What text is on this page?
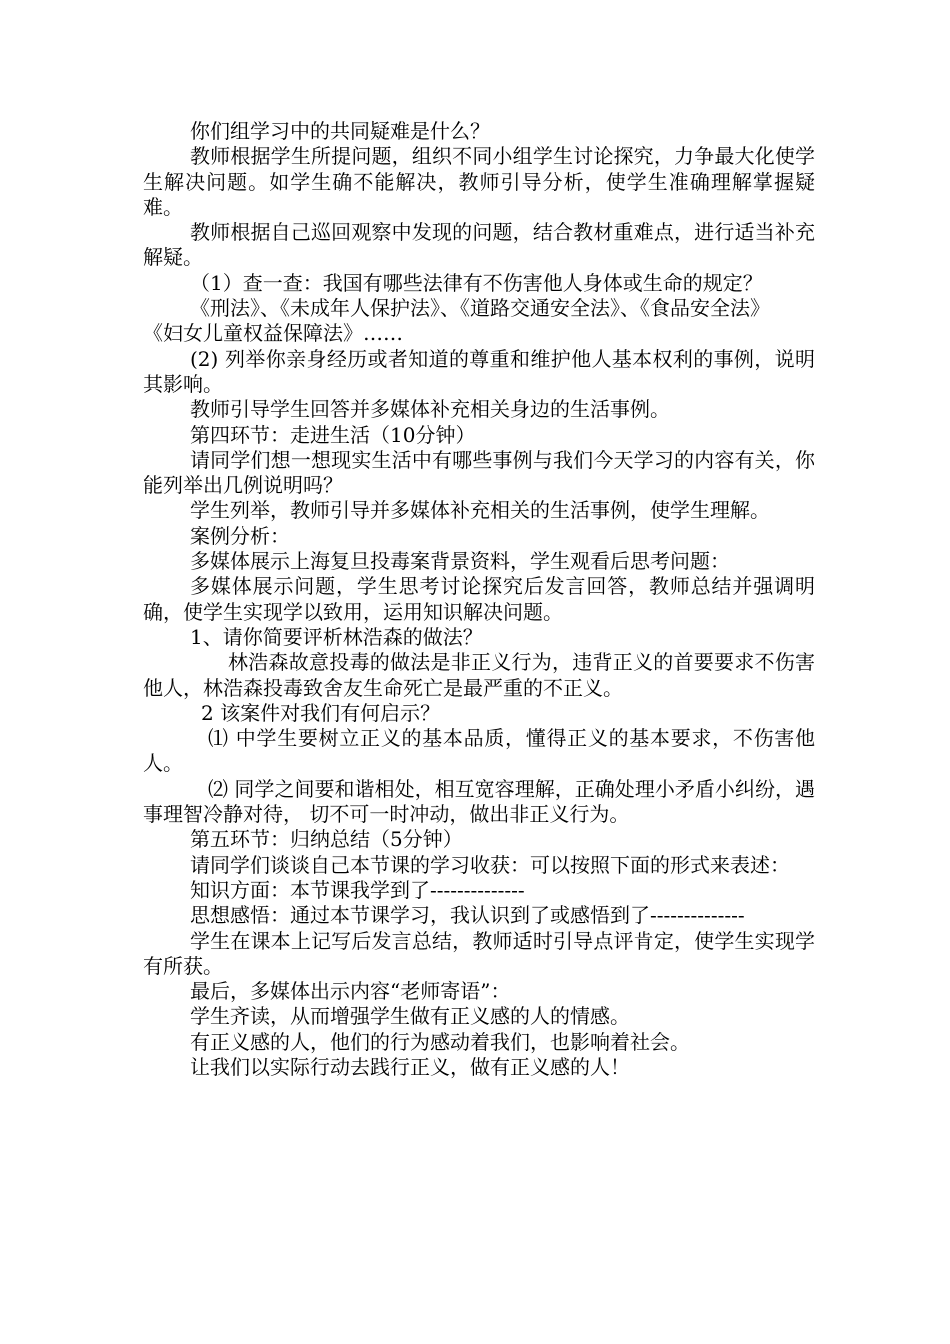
你们组学习中的共同疑难是什么？

教师根据学生所提问题，组织不同小组学生讨论探究，力争最大化使学生解决问题。如学生确不能解决，教师引导分析，使学生准确理解掌握疑难。

教师根据自己巡回观察中发现的问题，结合教材重难点，进行适当补充解疑。

（1）查一查：我国有哪些法律有不伤害他人身体或生命的规定？

《刑法》、《未成年人保护法》、《道路交通安全法》、《食品安全法》

《妇女儿童权益保障法》……

(2) 列举你亲身经历或者知道的尊重和维护他人基本权利的事例，说明其影响。

教师引导学生回答并多媒体补充相关身边的生活事例。

第四环节：走进生活（10分钟）

请同学们想一想现实生活中有哪些事例与我们今天学习的内容有关，你能列举出几例说明吗？

学生列举，教师引导并多媒体补充相关的生活事例，使学生理解。

案例分析：

多媒体展示上海复旦投毒案背景资料，学生观看后思考问题：

多媒体展示问题，学生思考讨论探究后发言回答，教师总结并强调明确，使学生实现学以致用，运用知识解决问题。

1、请你简要评析林浩森的做法？

林浩森故意投毒的做法是非正义行为，违背正义的首要要求不伤害他人，林浩森投毒致舍友生命死亡是最严重的不正义。

2 该案件对我们有何启示？

⑴ 中学生要树立正义的基本品质，懂得正义的基本要求，不伤害他人。

⑵ 同学之间要和谐相处，相互宽容理解，正确处理小矛盾小纠纷，遇事理智冷静对待， 切不可一时冲动，做出非正义行为。

第五环节：归纳总结（5分钟）

请同学们谈谈自己本节课的学习收获：可以按照下面的形式来表述：

知识方面：本节课我学到了--------------

思想感悟：通过本节课学习，我认识到了或感悟到了--------------

学生在课本上记写后发言总结，教师适时引导点评肯定，使学生实现学有所获。

最后，多媒体出示内容“老师寄语”：

学生齐读，从而增强学生做有正义感的人的情感。

有正义感的人，他们的行为感动着我们，也影响着社会。

让我们以实际行动去践行正义，做有正义感的人！
